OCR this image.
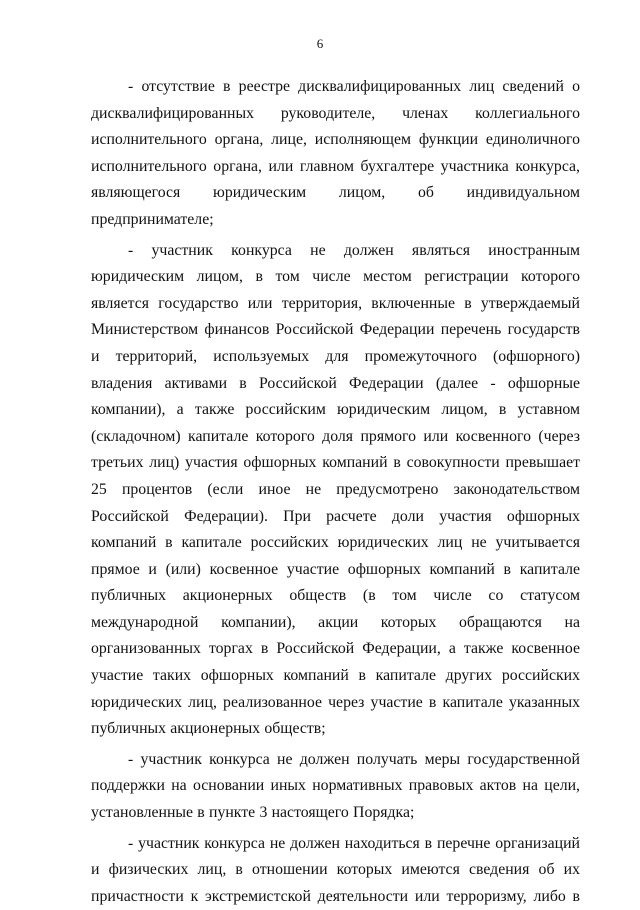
6

- отсутствие в реестре дисквалифицированных лиц сведений о дисквалифицированных руководителе, членах коллегиального исполнительного органа, лице, исполняющем функции единоличного исполнительного органа, или главном бухгалтере участника конкурса, являющегося юридическим лицом, об индивидуальном предпринимателе;

- участник конкурса не должен являться иностранным юридическим лицом, в том числе местом регистрации которого является государство или территория, включенные в утверждаемый Министерством финансов Российской Федерации перечень государств и территорий, используемых для промежуточного (офшорного) владения активами в Российской Федерации (далее - офшорные компании), а также российским юридическим лицом, в уставном (складочном) капитале которого доля прямого или косвенного (через третьих лиц) участия офшорных компаний в совокупности превышает 25 процентов (если иное не предусмотрено законодательством Российской Федерации). При расчете доли участия офшорных компаний в капитале российских юридических лиц не учитывается прямое и (или) косвенное участие офшорных компаний в капитале публичных акционерных обществ (в том числе со статусом международной компании), акции которых обращаются на организованных торгах в Российской Федерации, а также косвенное участие таких офшорных компаний в капитале других российских юридических лиц, реализованное через участие в капитале указанных публичных акционерных обществ;

- участник конкурса не должен получать меры государственной поддержки на основании иных нормативных правовых актов на цели, установленные в пункте 3 настоящего Порядка;

- участник конкурса не должен находиться в перечне организаций и физических лиц, в отношении которых имеются сведения об их причастности к экстремистской деятельности или терроризму, либо в
